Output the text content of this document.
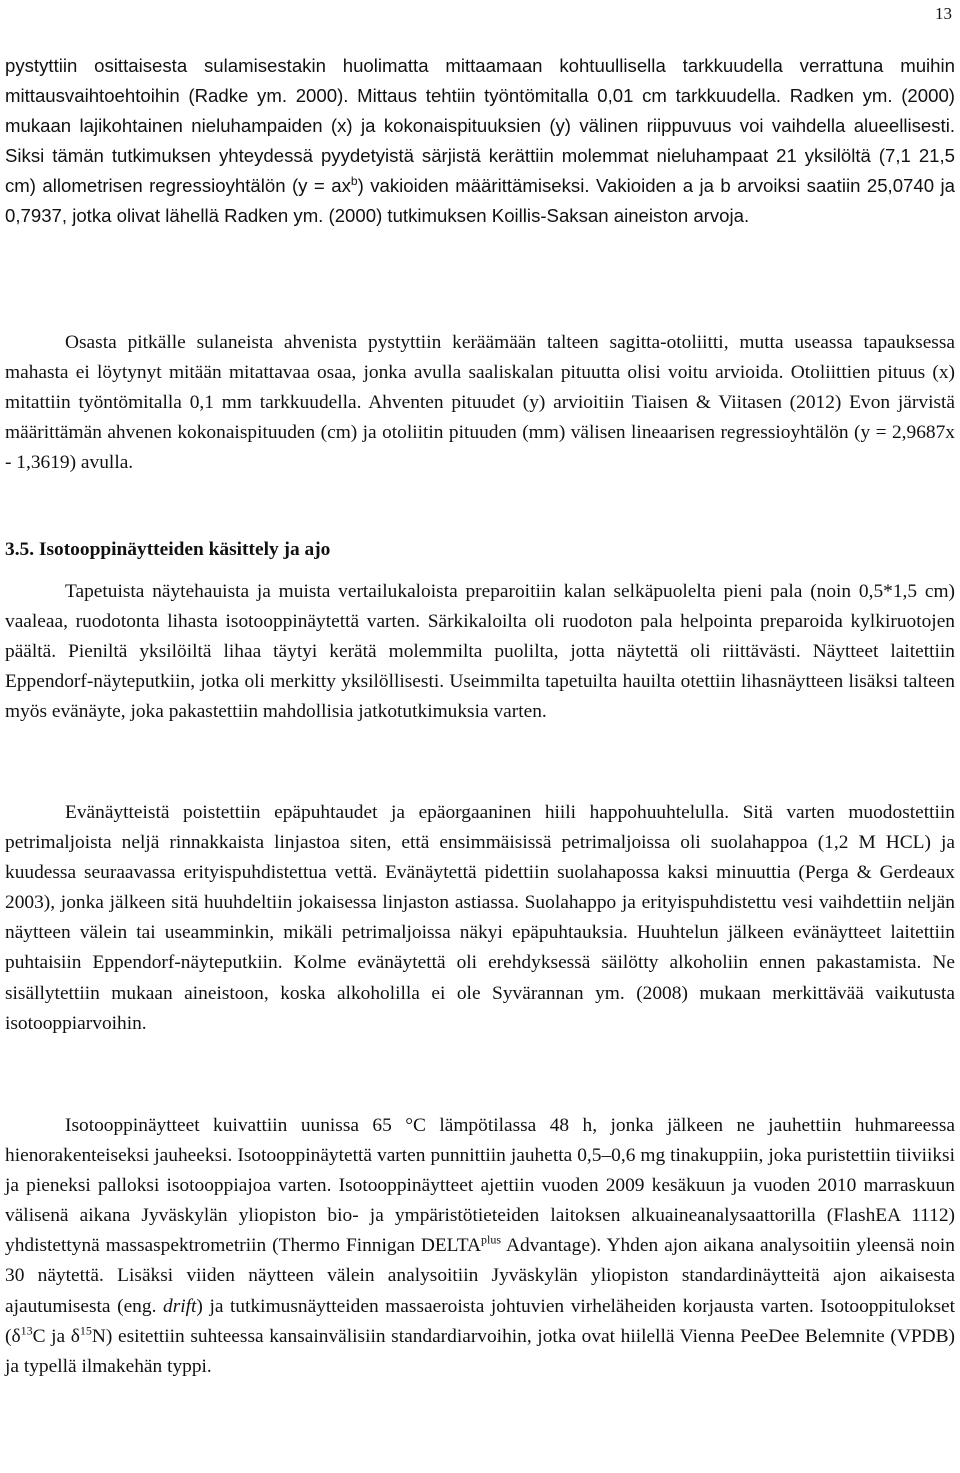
13

pystyttiin osittaisesta sulamisestakin huolimatta mittaamaan kohtuullisella tarkkuudella verrattuna muihin mittausvaihtoehtoihin (Radke ym. 2000). Mittaus tehtiin työntömitalla 0,01 cm tarkkuudella. Radken ym. (2000) mukaan lajikohtainen nieluhampaiden (x) ja kokonaispituuksien (y) välinen riippuvuus voi vaihdella alueellisesti. Siksi tämän tutkimuksen yhteydessä pyydetyistä särjistä kerättiin molemmat nieluhampaat 21 yksilöltä (7,1 21,5 cm) allometrisen regressioyhtälön $(y = ax^b)$ vakioiden määrittämiseksi. Vakioiden a ja b arvoiksi saatiin 25,0740 ja 0,7937, jotka olivat lähellä Radken ym. (2000) tutkimuksen Koillis-Saksan aineiston arvoja.

Osasta pitkälle sulaneista ahvenista pystyttiin keräämään talteen sagitta-otoliitti, mutta useassa tapauksessa mahasta ei löytynyt mitään mitattavaa osaa, jonka avulla saaliskalan pituutta olisi voitu arvioida. Otoliittien pituus (x) mitattiin työntömitalla 0,1 mm tarkkuudella. Ahventen pituudet (y) arvioitiin Tiaisen & Viitasen (2012) Evon järvistä määrittämän ahvenen kokonaispituuden (cm) ja otoliitin pituuden (mm) välisen lineaarisen regressioyhtälön (y = 2,9687x - 1,3619) avulla.

3.5. Isotooppinäytteiden käsittely ja ajo

Tapetuista näytehauista ja muista vertailukaloista preparoitiin kalan selkäpuolelta pieni pala (noin 0,5*1,5 cm) vaaleaa, ruodotonta lihasta isotooppinäytettä varten. Särkikaloilta oli ruodoton pala helpointa preparoida kylkiruotojen päältä. Pieniltä yksilöiltä lihaa täytyi kerätä molemmilta puolilta, jotta näytettä oli riittävästi. Näytteet laitettiin Eppendorf-näyteputkiin, jotka oli merkitty yksilöllisesti. Useimmilta tapetuilta hauilta otettiin lihasnäytteen lisäksi talteen myös evänäyte, joka pakastettiin mahdollisia jatkotutkimuksia varten.

Evänäytteistä poistettiin epäpuhtaudet ja epäorgaaninen hiili happohuuhtelulla. Sitä varten muodostettiin petrimaljoista neljä rinnakkaista linjastoa siten, että ensimmäisissä petrimaljoissa oli suolahappoa (1,2 M HCL) ja kuudessa seuraavassa erityispuhdistettua vettä. Evänäytettä pidettiin suolahapossa kaksi minuuttia (Perga & Gerdeaux 2003), jonka jälkeen sitä huuhdeltiin jokaisessa linjaston astiassa. Suolahappo ja erityispuhdistettu vesi vaihdettiin neljän näytteen välein tai useamminkin, mikäli petrimaljoissa näkyi epäpuhtauksia. Huuhtelun jälkeen evänäytteet laitettiin puhtaisiin Eppendorf-näyteputkiin. Kolme evänäytettä oli erehdyksessä säilötty alkoholiin ennen pakastamista. Ne sisällytettiin mukaan aineistoon, koska alkoholilla ei ole Syvärannan ym. (2008) mukaan merkittävää vaikutusta isotooppiarvoihin.

Isotooppinäytteet kuivattiin uunissa 65 °C lämpötilassa 48 h, jonka jälkeen ne jauhettiin huhmareessa hienorakenteiseksi jauheeksi. Isotooppinäytettä varten punnittiin jauhetta 0,5–0,6 mg tinakuppiin, joka puristettiin tiiviiksi ja pieneksi palloksi isotooppiajoa varten. Isotooppinäytteet ajettiin vuoden 2009 kesäkuun ja vuoden 2010 marraskuun välisenä aikana Jyväskylän yliopiston bio- ja ympäristötieteiden laitoksen alkuaineanalysaattorilla (FlashEA 1112) yhdistettynä massaspektrometriin (Thermo Finnigan $DELTA^{plus}$ Advantage). Yhden ajon aikana analysoitiin yleensä noin 30 näytettä. Lisäksi viiden näytteen välein analysoitiin Jyväskylän yliopiston standardinäytteitä ajon aikaisesta ajautumisesta (eng. drift) ja tutkimusnäytteiden massaeroista johtuvien virheläheiden korjausta varten. Isotooppitulokset ($\delta^{13}C$ ja $\delta^{15}N$) esitettiin suhteessa kansainvälisiin standardiarvoihin, jotka ovat hiilellä Vienna PeeDee Belemnite (VPDB) ja typellä ilmakehän typpi.
